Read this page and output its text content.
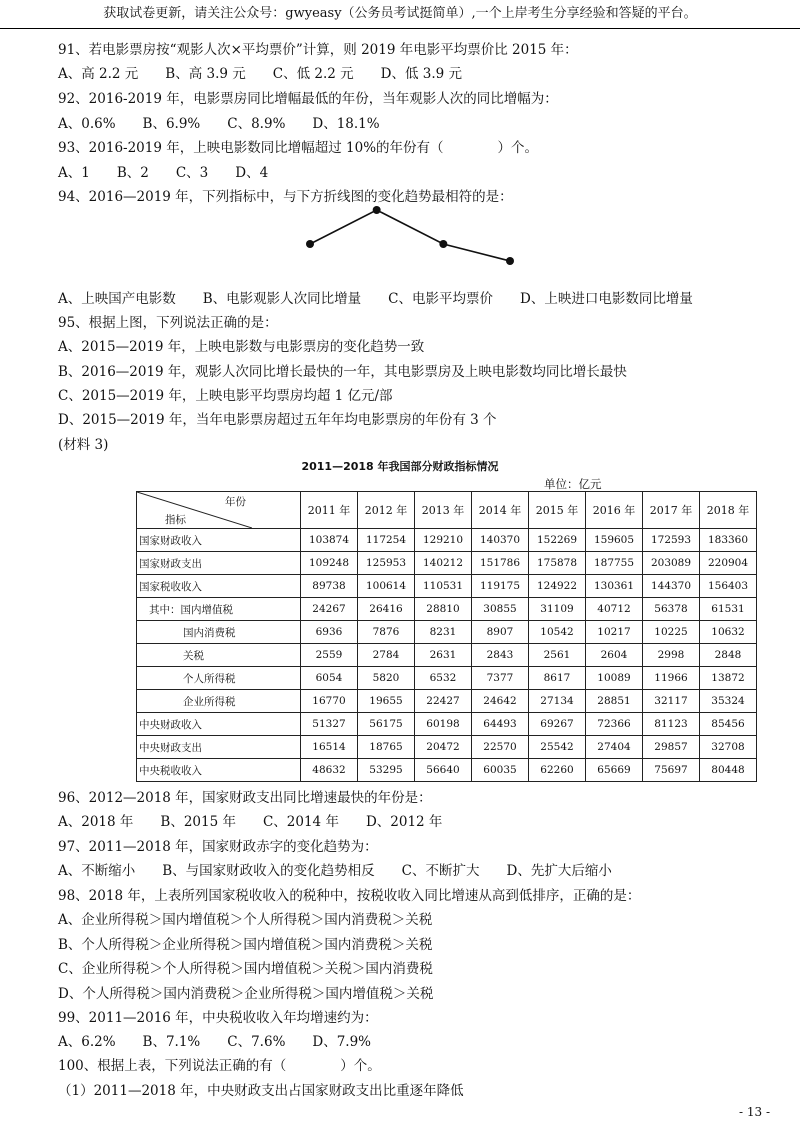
获取试卷更新，请关注公众号：gwyeasy（公务员考试挺简单）,一个上岸考生分享经验和答疑的平台。
91、若电影票房按“观影人次×平均票价”计算，则 2019 年电影平均票价比 2015 年：
A、高 2.2 元　　B、高 3.9 元　　C、低 2.2 元　　D、低 3.9 元
92、2016-2019 年，电影票房同比增幅最低的年份，当年观影人次的同比增幅为：
A、0.6%　　B、6.9%　　C、8.9%　　D、18.1%
93、2016-2019 年，上映电影数同比增幅超过 10%的年份有（　　　　）个。
A、1　　B、2　　C、3　　D、4
94、2016—2019 年，下列指标中，与下方折线图的变化趋势最相符的是：
A、上映国产电影数　　B、电影观影人次同比增量　　C、电影平均票价　　D、上映进口电影数同比增量
95、根据上图，下列说法正确的是：
A、2015—2019 年，上映电影数与电影票房的变化趋势一致
B、2016—2019 年，观影人次同比增长最快的一年，其电影票房及上映电影数均同比增长最快
C、2015—2019 年，上映电影平均票房均超 1 亿元/部
D、2015—2019 年，当年电影票房超过五年年均电影票房的年份有 3 个
(材料 3)
96、2012—2018 年，国家财政支出同比增速最快的年份是：
A、2018 年　　B、2015 年　　C、2014 年　　D、2012 年
97、2011—2018 年，国家财政赤字的变化趋势为：
A、不断缩小　　B、与国家财政收入的变化趋势相反　　C、不断扩大　　D、先扩大后缩小
98、2018 年，上表所列国家税收收入的税种中，按税收收入同比增速从高到低排序，正确的是：
A、企业所得税＞国内增值税＞个人所得税＞国内消费税＞关税
B、个人所得税＞企业所得税＞国内增值税＞国内消费税＞关税
C、企业所得税＞个人所得税＞国内增值税＞关税＞国内消费税
D、个人所得税＞国内消费税＞企业所得税＞国内增值税＞关税
99、2011—2016 年，中央税收收入年均增速约为：
A、6.2%　　B、7.1%　　C、7.6%　　D、7.9%
100、根据上表，下列说法正确的有（　　　　）个。
（1）2011—2018 年，中央财政支出占国家财政支出比重逐年降低
2011—2018 年我国部分财政指标情况
单位：亿元
年份
指标	2011 年	2012 年	2013 年	2014 年	2015 年	2016 年	2017 年	2018 年
国家财政收入	103874	117254	129210	140370	152269	159605	172593	183360
国家财政支出	109248	125953	140212	151786	175878	187755	203089	220904
国家税收收入	89738	100614	110531	119175	124922	130361	144370	156403
其中：国内增值税	24267	26416	28810	30855	31109	40712	56378	61531
国内消费税	6936	7876	8231	8907	10542	10217	10225	10632
关税	2559	2784	2631	2843	2561	2604	2998	2848
个人所得税	6054	5820	6532	7377	8617	10089	11966	13872
企业所得税	16770	19655	22427	24642	27134	28851	32117	35324
中央财政收入	51327	56175	60198	64493	69267	72366	81123	85456
中央财政支出	16514	18765	20472	22570	25542	27404	29857	32708
中央税收收入	48632	53295	56640	60035	62260	65669	75697	80448
- 13 -
